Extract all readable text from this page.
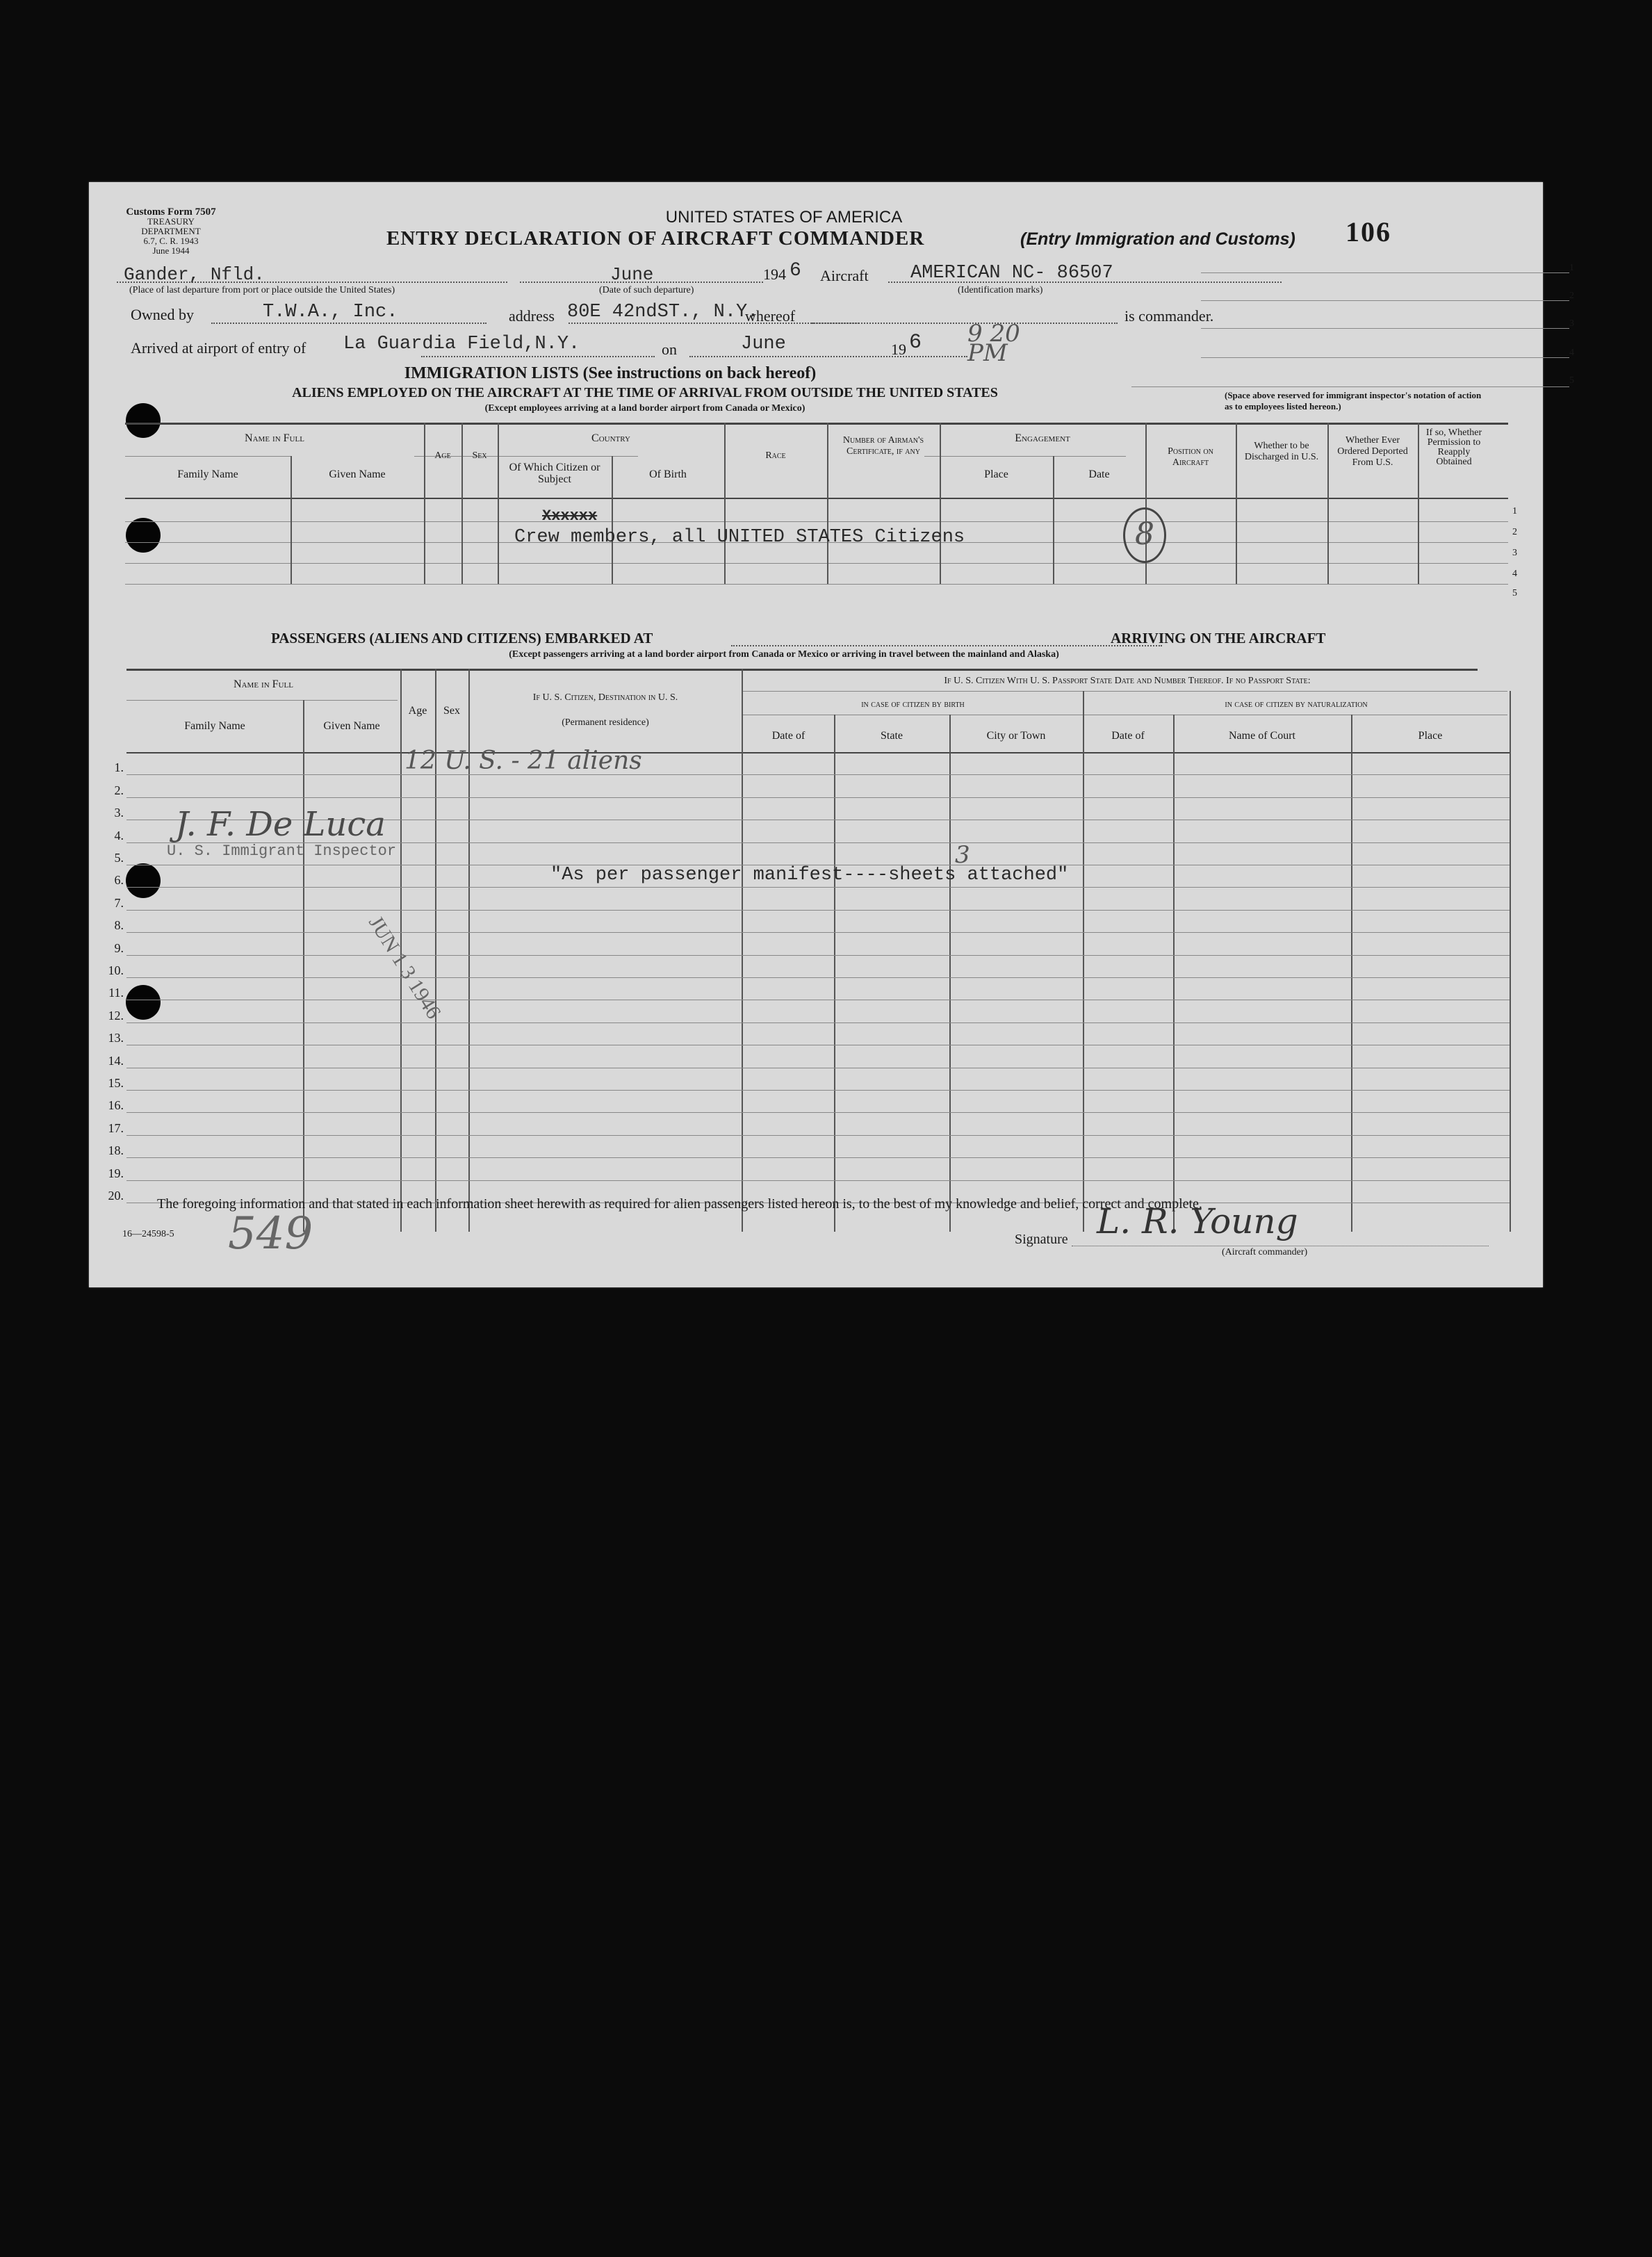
Customs Form 7507
TREASURY DEPARTMENT
6.7, C. R. 1943
June 1944
UNITED STATES OF AMERICA
ENTRY DECLARATION OF AIRCRAFT COMMANDER	(Entry Immigration and Customs) 106
Gander, Nfld.
(Place of last departure from port or place outside the United States)
June	194 6
(Date of such departure)
Aircraft AMERICAN NC- 86507
(Identification marks)
Owned by	T.W.A., Inc.	address 80E 42ndST., N.Y.
whereof	is commander.
Arrived at airport of entry of La Guardia Field,N.Y.	on	June	19 6 9 20 PM
1
2
3
4
5
(Space above reserved for immigrant inspector's notation of action as to employees listed hereon.)
IMMIGRATION LISTS (See instructions on back hereof)
ALIENS EMPLOYED ON THE AIRCRAFT AT THE TIME OF ARRIVAL FROM OUTSIDE THE UNITED STATES
(Except employees arriving at a land border airport from Canada or Mexico)
Name in Full
Family Name	Given Name
Age	Sex
Country
Of Which Citizen or Subject	Of Birth
Race
Number of Airman's Certificate, if any
Engagement
Place	Date
Position on Aircraft
Whether to be Discharged in U.S.
Whether Ever Ordered Deported From U.S.
If so, Whether Permission to Reapply Obtained
Xxxxxx
Crew members, all UNITED STATES Citizens	8
1
2
3
4
5
PASSENGERS (ALIENS AND CITIZENS) EMBARKED AT	ARRIVING ON THE AIRCRAFT
(Except passengers arriving at a land border airport from Canada or Mexico or arriving in travel between the mainland and Alaska)
Name in Full
Family Name	Given Name
Age	Sex
If U. S. Citizen, Destination in U. S.
(Permanent residence)
If U. S. Citizen With U. S. Passport State Date and Number Thereof. If no Passport State:
in case of citizen by birth	in case of citizen by naturalization
Date of	State	City or Town	Date of	Name of Court	Place
1.
2.
3.
4.
5.
6.
7.
8.
9.
10.
11.
12.
13.
14.
15.
16.
17.
18.
19.
20.
12 U. S. - 21 aliens
J. F. De Luca
U. S. Immigrant Inspector
JUN 1 3 1946
"As per passenger manifest----sheets attached"
3
The foregoing information and that stated in each information sheet herewith as required for alien passengers listed hereon is, to the best of my knowledge and belief, correct and complete.
16—24598-5 549	Signature L. R. Young
(Aircraft commander)
